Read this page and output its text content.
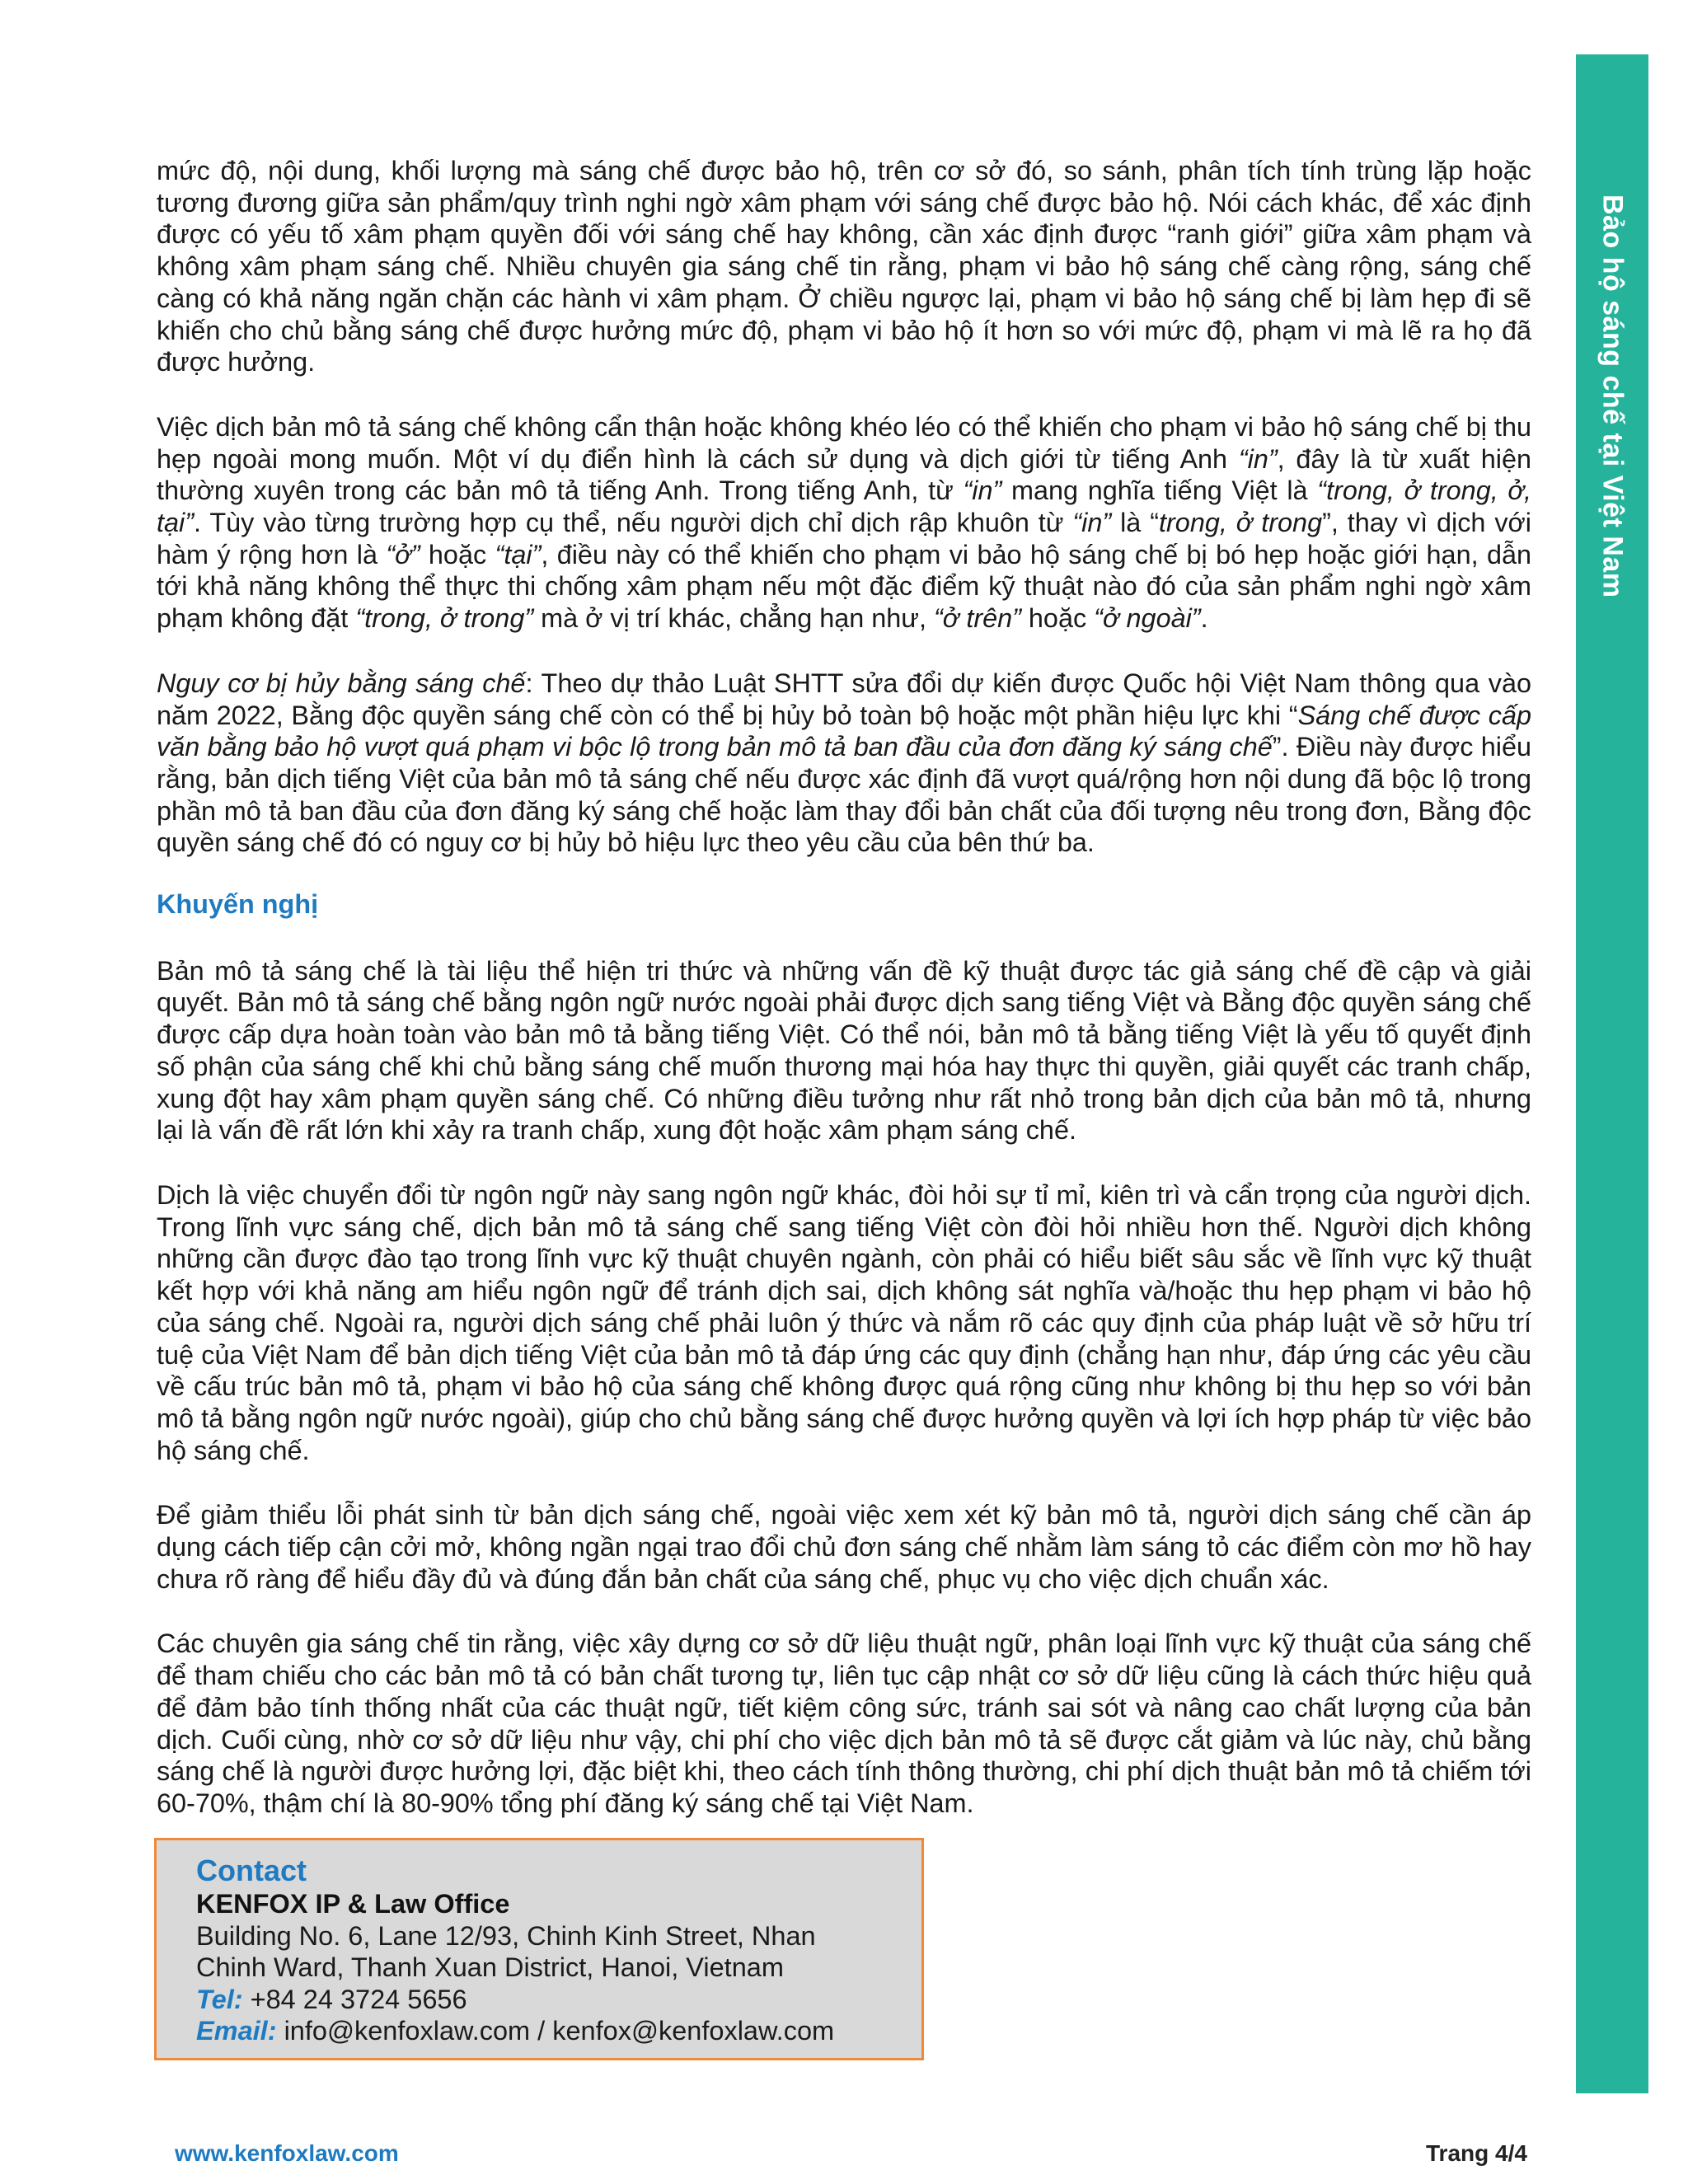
Bảo hộ sáng chế tại Việt Nam

mức độ, nội dung, khối lượng mà sáng chế được bảo hộ, trên cơ sở đó, so sánh, phân tích tính trùng lặp hoặc tương đương giữa sản phẩm/quy trình nghi ngờ xâm phạm với sáng chế được bảo hộ. Nói cách khác, để xác định được có yếu tố xâm phạm quyền đối với sáng chế hay không, cần xác định được “ranh giới” giữa xâm phạm và không xâm phạm sáng chế. Nhiều chuyên gia sáng chế tin rằng, phạm vi bảo hộ sáng chế càng rộng, sáng chế càng có khả năng ngăn chặn các hành vi xâm phạm. Ở chiều ngược lại, phạm vi bảo hộ sáng chế bị làm hẹp đi sẽ khiến cho chủ bằng sáng chế được hưởng mức độ, phạm vi bảo hộ ít hơn so với mức độ, phạm vi mà lẽ ra họ đã được hưởng.

Việc dịch bản mô tả sáng chế không cẩn thận hoặc không khéo léo có thể khiến cho phạm vi bảo hộ sáng chế bị thu hẹp ngoài mong muốn. Một ví dụ điển hình là cách sử dụng và dịch giới từ tiếng Anh “in”, đây là từ xuất hiện thường xuyên trong các bản mô tả tiếng Anh. Trong tiếng Anh, từ “in” mang nghĩa tiếng Việt là “trong, ở trong, ở, tại”. Tùy vào từng trường hợp cụ thể, nếu người dịch chỉ dịch rập khuôn từ “in” là “trong, ở trong”, thay vì dịch với hàm ý rộng hơn là “ở” hoặc “tại”, điều này có thể khiến cho phạm vi bảo hộ sáng chế bị bó hẹp hoặc giới hạn, dẫn tới khả năng không thể thực thi chống xâm phạm nếu một đặc điểm kỹ thuật nào đó của sản phẩm nghi ngờ xâm phạm không đặt “trong, ở trong” mà ở vị trí khác, chẳng hạn như, “ở trên” hoặc “ở ngoài”.

Nguy cơ bị hủy bằng sáng chế: Theo dự thảo Luật SHTT sửa đổi dự kiến được Quốc hội Việt Nam thông qua vào năm 2022, Bằng độc quyền sáng chế còn có thể bị hủy bỏ toàn bộ hoặc một phần hiệu lực khi “Sáng chế được cấp văn bằng bảo hộ vượt quá phạm vi bộc lộ trong bản mô tả ban đầu của đơn đăng ký sáng chế”. Điều này được hiểu rằng, bản dịch tiếng Việt của bản mô tả sáng chế nếu được xác định đã vượt quá/rộng hơn nội dung đã bộc lộ trong phần mô tả ban đầu của đơn đăng ký sáng chế hoặc làm thay đổi bản chất của đối tượng nêu trong đơn, Bằng độc quyền sáng chế đó có nguy cơ bị hủy bỏ hiệu lực theo yêu cầu của bên thứ ba.

Khuyến nghị

Bản mô tả sáng chế là tài liệu thể hiện tri thức và những vấn đề kỹ thuật được tác giả sáng chế đề cập và giải quyết. Bản mô tả sáng chế bằng ngôn ngữ nước ngoài phải được dịch sang tiếng Việt và Bằng độc quyền sáng chế được cấp dựa hoàn toàn vào bản mô tả bằng tiếng Việt. Có thể nói, bản mô tả bằng tiếng Việt là yếu tố quyết định số phận của sáng chế khi chủ bằng sáng chế muốn thương mại hóa hay thực thi quyền, giải quyết các tranh chấp, xung đột hay xâm phạm quyền sáng chế. Có những điều tưởng như rất nhỏ trong bản dịch của bản mô tả, nhưng lại là vấn đề rất lớn khi xảy ra tranh chấp, xung đột hoặc xâm phạm sáng chế.

Dịch là việc chuyển đổi từ ngôn ngữ này sang ngôn ngữ khác, đòi hỏi sự tỉ mỉ, kiên trì và cẩn trọng của người dịch. Trong lĩnh vực sáng chế, dịch bản mô tả sáng chế sang tiếng Việt còn đòi hỏi nhiều hơn thế. Người dịch không những cần được đào tạo trong lĩnh vực kỹ thuật chuyên ngành, còn phải có hiểu biết sâu sắc về lĩnh vực kỹ thuật kết hợp với khả năng am hiểu ngôn ngữ để tránh dịch sai, dịch không sát nghĩa và/hoặc thu hẹp phạm vi bảo hộ của sáng chế. Ngoài ra, người dịch sáng chế phải luôn ý thức và nắm rõ các quy định của pháp luật về sở hữu trí tuệ của Việt Nam để bản dịch tiếng Việt của bản mô tả đáp ứng các quy định (chẳng hạn như, đáp ứng các yêu cầu về cấu trúc bản mô tả, phạm vi bảo hộ của sáng chế không được quá rộng cũng như không bị thu hẹp so với bản mô tả bằng ngôn ngữ nước ngoài), giúp cho chủ bằng sáng chế được hưởng quyền và lợi ích hợp pháp từ việc bảo hộ sáng chế.

Để giảm thiểu lỗi phát sinh từ bản dịch sáng chế, ngoài việc xem xét kỹ bản mô tả, người dịch sáng chế cần áp dụng cách tiếp cận cởi mở, không ngần ngại trao đổi chủ đơn sáng chế nhằm làm sáng tỏ các điểm còn mơ hồ hay chưa rõ ràng để hiểu đầy đủ và đúng đắn bản chất của sáng chế, phục vụ cho việc dịch chuẩn xác.

Các chuyên gia sáng chế tin rằng, việc xây dựng cơ sở dữ liệu thuật ngữ, phân loại lĩnh vực kỹ thuật của sáng chế để tham chiếu cho các bản mô tả có bản chất tương tự, liên tục cập nhật cơ sở dữ liệu cũng là cách thức hiệu quả để đảm bảo tính thống nhất của các thuật ngữ, tiết kiệm công sức, tránh sai sót và nâng cao chất lượng của bản dịch. Cuối cùng, nhờ cơ sở dữ liệu như vậy, chi phí cho việc dịch bản mô tả sẽ được cắt giảm và lúc này, chủ bằng sáng chế là người được hưởng lợi, đặc biệt khi, theo cách tính thông thường, chi phí dịch thuật bản mô tả chiếm tới 60-70%, thậm chí là 80-90% tổng phí đăng ký sáng chế tại Việt Nam.

Contact
KENFOX IP & Law Office
Building No. 6, Lane 12/93, Chinh Kinh Street, Nhan
Chinh Ward, Thanh Xuan District, Hanoi, Vietnam
Tel: +84 24 3724 5656
Email: info@kenfoxlaw.com / kenfox@kenfoxlaw.com
www.kenfoxlaw.com	Trang 4/4
